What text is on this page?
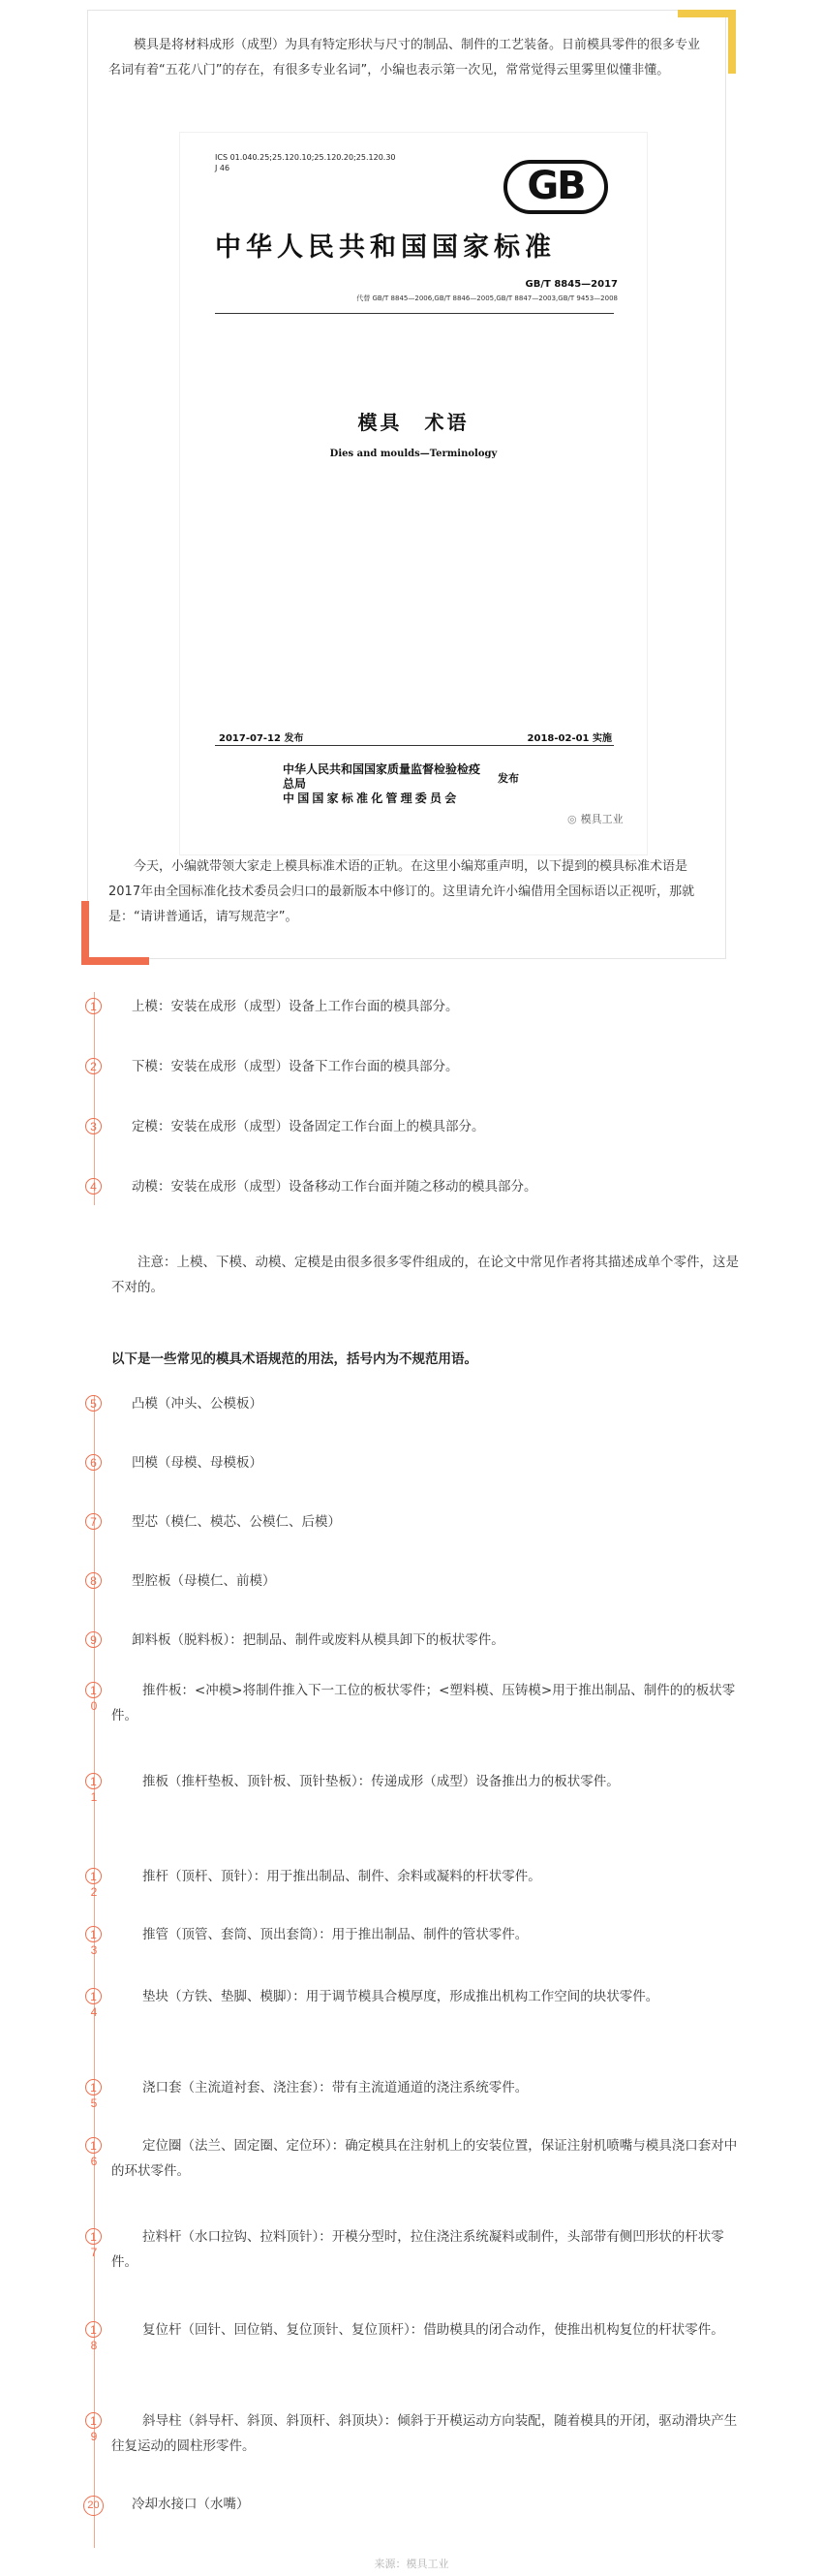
模具是将材料成形（成型）为具有特定形状与尺寸的制品、制件的工艺装备。日前模具零件的很多专业名词有着“五花八门”的存在，有很多专业名词”，小编也表示第一次见，常常觉得云里雾里似懂非懂。

ICS 01.040.25;25.120.10;25.120.20;25.120.30
J 46	GB
中华人民共和国国家标准
GB/T 8845—2017
代替 GB/T 8845—2006,GB/T 8846—2005,GB/T 8847—2003,GB/T 9453—2008
模具　术语
Dies and moulds—Terminology
2017-07-12 发布	2018-02-01 实施
中华人民共和国国家质量监督检验检疫总局
中国国家标准化管理委员会
发布
◎ 模具工业

今天，小编就带领大家走上模具标准术语的正轨。在这里小编郑重声明，以下提到的模具标准术语是2017年由全国标准化技术委员会归口的最新版本中修订的。这里请允许小编借用全国标语以正视听，那就是：“请讲普通话，请写规范字”。

1	上模：安装在成形（成型）设备上工作台面的模具部分。
2	下模：安装在成形（成型）设备下工作台面的模具部分。
3	定模：安装在成形（成型）设备固定工作台面上的模具部分。
4	动模：安装在成形（成型）设备移动工作台面并随之移动的模具部分。

注意：上模、下模、动模、定模是由很多很多零件组成的，在论文中常见作者将其描述成单个零件，这是不对的。

以下是一些常见的模具术语规范的用法，括号内为不规范用语。
5	凸模（冲头、公模板）
6	凹模（母模、母模板）
7	型芯（模仁、模芯、公模仁、后模）
8	型腔板（母模仁、前模）
9	卸料板（脱料板）：把制品、制件或废料从模具卸下的板状零件。
1
0

推件板：<冲模>将制件推入下一工位的板状零件；<塑料模、压铸模>用于推出制品、制件的的板状零件。

1
1

推板（推杆垫板、顶针板、顶针垫板）：传递成形（成型）设备推出力的板状零件。

1
2

推杆（顶杆、顶针）：用于推出制品、制件、余料或凝料的杆状零件。

1
3

推管（顶管、套筒、顶出套筒）：用于推出制品、制件的管状零件。

1
4

垫块（方铁、垫脚、模脚）：用于调节模具合模厚度，形成推出机构工作空间的块状零件。

1
5

浇口套（主流道衬套、浇注套）：带有主流道通道的浇注系统零件。

1
6

定位圈（法兰、固定圈、定位环）：确定模具在注射机上的安装位置，保证注射机喷嘴与模具浇口套对中的环状零件。

1
7

拉料杆（水口拉钩、拉料顶针）：开模分型时，拉住浇注系统凝料或制件，头部带有侧凹形状的杆状零件。

1
8

复位杆（回针、回位销、复位顶针、复位顶杆）：借助模具的闭合动作，使推出机构复位的杆状零件。

1
9

斜导柱（斜导杆、斜顶、斜顶杆、斜顶块）：倾斜于开模运动方向装配，随着模具的开闭，驱动滑块产生往复运动的圆柱形零件。

20	冷却水接口（水嘴）
来源：模具工业
